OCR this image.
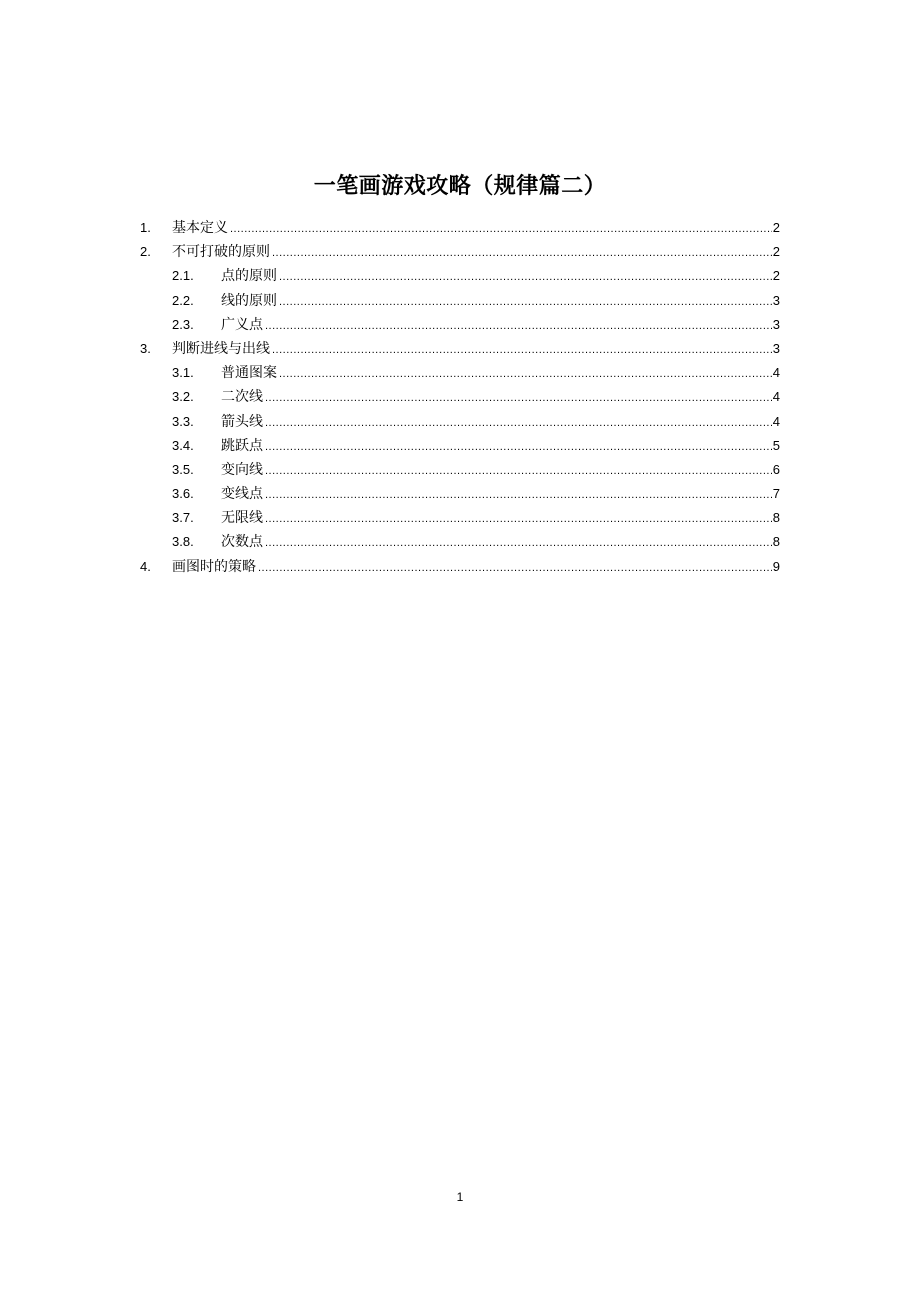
一笔画游戏攻略（规律篇二）
1.	基本定义 .....	2
2.	不可打破的原则 .....	2
2.1.	点的原则 .....	2
2.2.	线的原则 .....	3
2.3.	广义点 .....	3
3.	判断进线与出线 .....	3
3.1.	普通图案 .....	4
3.2.	二次线 .....	4
3.3.	箭头线 .....	4
3.4.	跳跃点 .....	5
3.5.	变向线 .....	6
3.6.	变线点 .....	7
3.7.	无限线 .....	8
3.8.	次数点 .....	8
4.	画图时的策略 .....	9
1
